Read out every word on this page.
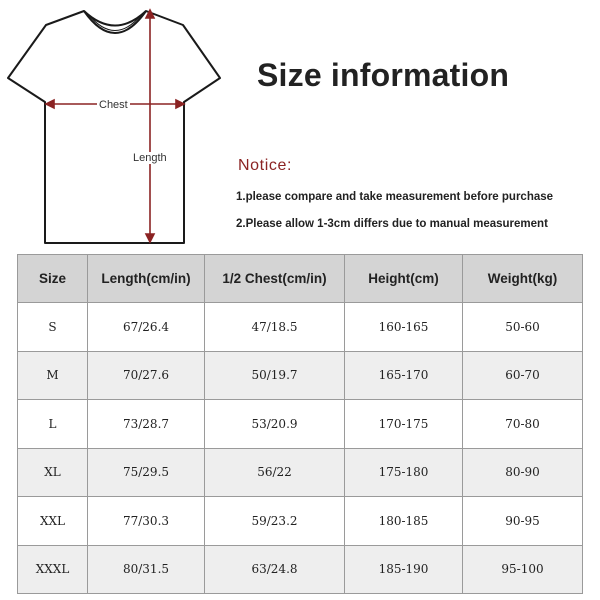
Chest
Length
Size information
Notice:
1.please compare and take measurement before purchase
2.Please allow 1-3cm differs due to manual measurement
Size	Length(cm/in)	1/2 Chest(cm/in)	Height(cm)	Weight(kg)
S	67/26.4	47/18.5	160-165	50-60
M	70/27.6	50/19.7	165-170	60-70
L	73/28.7	53/20.9	170-175	70-80
XL	75/29.5	56/22	175-180	80-90
XXL	77/30.3	59/23.2	180-185	90-95
XXXL	80/31.5	63/24.8	185-190	95-100
